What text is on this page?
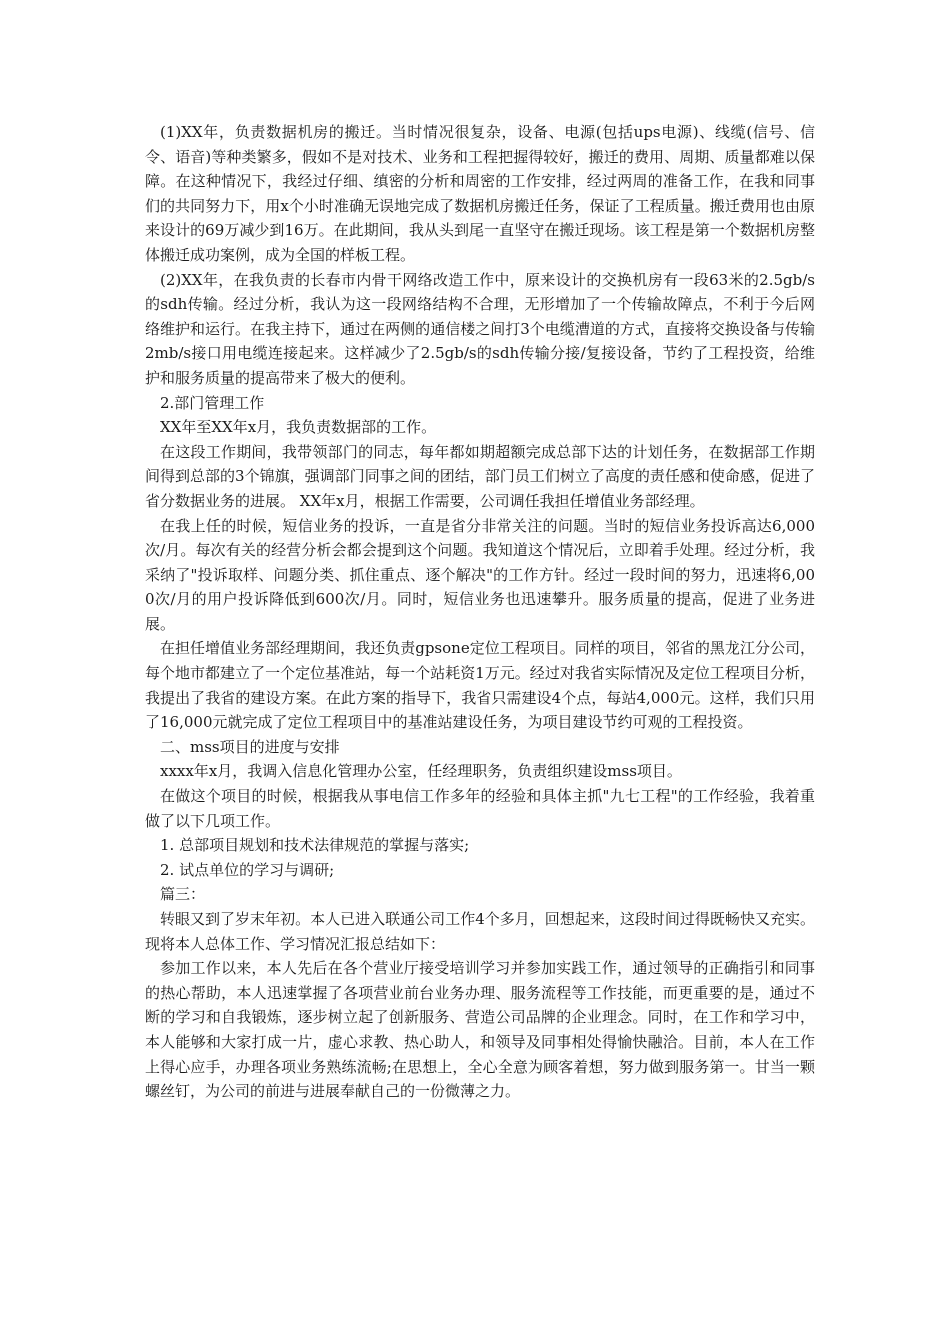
(1)XX年，负责数据机房的搬迁。当时情况很复杂，设备、电源(包括ups电源)、线缆(信号、信令、语音)等种类繁多，假如不是对技术、业务和工程把握得较好，搬迁的费用、周期、质量都难以保障。在这种情况下，我经过仔细、缜密的分析和周密的工作安排，经过两周的准备工作，在我和同事们的共同努力下，用x个小时准确无误地完成了数据机房搬迁任务，保证了工程质量。搬迁费用也由原来设计的69万减少到16万。在此期间，我从头到尾一直坚守在搬迁现场。该工程是第一个数据机房整体搬迁成功案例，成为全国的样板工程。

(2)XX年，在我负责的长春市内骨干网络改造工作中，原来设计的交换机房有一段63米的2.5gb/s的sdh传输。经过分析，我认为这一段网络结构不合理，无形增加了一个传输故障点，不利于今后网络维护和运行。在我主持下，通过在两侧的通信楼之间打3个电缆漕道的方式，直接将交换设备与传输2mb/s接口用电缆连接起来。这样减少了2.5gb/s的sdh传输分接/复接设备，节约了工程投资，给维护和服务质量的提高带来了极大的便利。

2.部门管理工作

XX年至XX年x月，我负责数据部的工作。

在这段工作期间，我带领部门的同志，每年都如期超额完成总部下达的计划任务，在数据部工作期间得到总部的3个锦旗，强调部门同事之间的团结，部门员工们树立了高度的责任感和使命感，促进了省分数据业务的进展。 XX年x月，根据工作需要，公司调任我担任增值业务部经理。

在我上任的时候，短信业务的投诉，一直是省分非常关注的问题。当时的短信业务投诉高达6,000次/月。每次有关的经营分析会都会提到这个问题。我知道这个情况后，立即着手处理。经过分析，我采纳了"投诉取样、问题分类、抓住重点、逐个解决"的工作方针。经过一段时间的努力，迅速将6,000次/月的用户投诉降低到600次/月。同时，短信业务也迅速攀升。服务质量的提高，促进了业务进展。

在担任增值业务部经理期间，我还负责gpsone定位工程项目。同样的项目，邻省的黑龙江分公司，每个地市都建立了一个定位基准站，每一个站耗资1万元。经过对我省实际情况及定位工程项目分析，我提出了我省的建设方案。在此方案的指导下，我省只需建设4个点，每站4,000元。这样，我们只用了16,000元就完成了定位工程项目中的基准站建设任务，为项目建设节约可观的工程投资。

二、mss项目的进度与安排

xxxx年x月，我调入信息化管理办公室，任经理职务，负责组织建设mss项目。

在做这个项目的时候，根据我从事电信工作多年的经验和具体主抓"九七工程"的工作经验，我着重做了以下几项工作。

1. 总部项目规划和技术法律规范的掌握与落实;

2. 试点单位的学习与调研;

篇三：

转眼又到了岁末年初。本人已进入联通公司工作4个多月，回想起来，这段时间过得既畅快又充实。现将本人总体工作、学习情况汇报总结如下：

参加工作以来，本人先后在各个营业厅接受培训学习并参加实践工作，通过领导的正确指引和同事的热心帮助，本人迅速掌握了各项营业前台业务办理、服务流程等工作技能，而更重要的是，通过不断的学习和自我锻炼，逐步树立起了创新服务、营造公司品牌的企业理念。同时，在工作和学习中，本人能够和大家打成一片，虚心求教、热心助人，和领导及同事相处得愉快融洽。目前，本人在工作上得心应手，办理各项业务熟练流畅;在思想上，全心全意为顾客着想，努力做到服务第一。甘当一颗螺丝钉，为公司的前进与进展奉献自己的一份微薄之力。
